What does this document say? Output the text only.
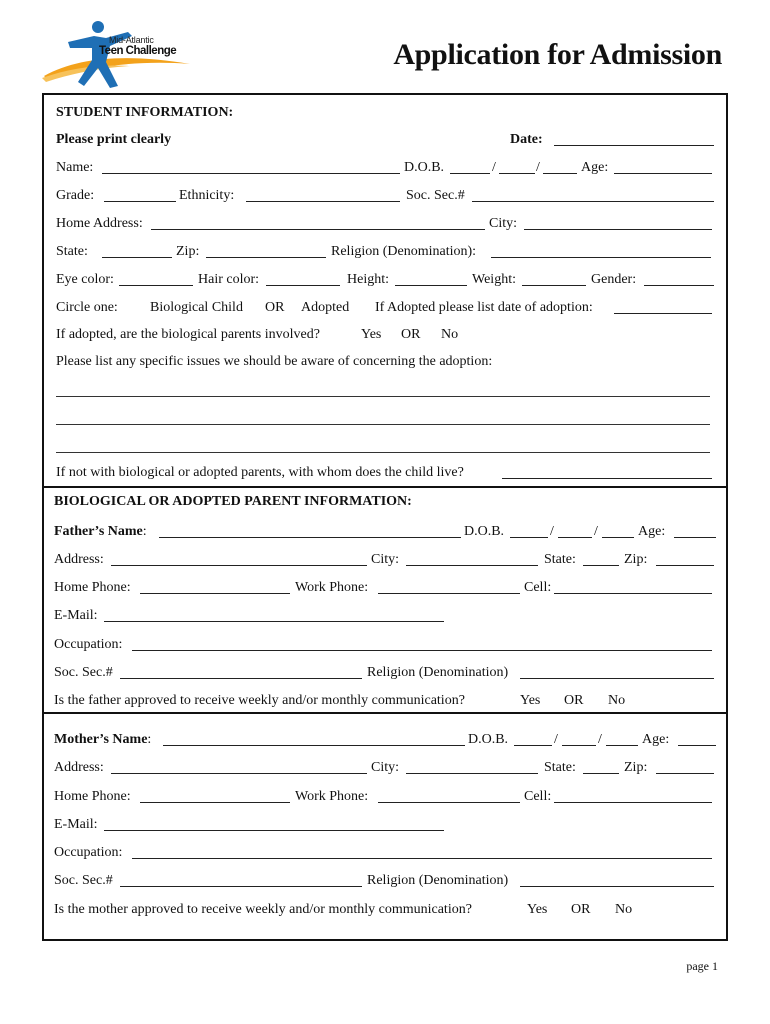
Mid-Atlantic
Teen Challenge	Application for Admission
STUDENT INFORMATION:
Please print clearly	Date:
Name:	D.O.B.	/	/	Age:
Grade:	Ethnicity:	Soc. Sec.#
Home Address:	City:
State:	Zip:	Religion (Denomination):
Eye color:	Hair color:	Height:	Weight:	Gender:
Circle one: Biological Child OR Adopted If Adopted please list date of adoption:
If adopted, are the biological parents involved?	Yes OR No
Please list any specific issues we should be aware of concerning the adoption:
If not with biological or adopted parents, with whom does the child live?
BIOLOGICAL OR ADOPTED PARENT INFORMATION:
Father’s Name:	D.O.B.	/	/	Age:
Address:	City:	State:	Zip:
Home Phone:	Work Phone:	Cell:
E-Mail:
Occupation:
Soc. Sec.#	Religion (Denomination)
Is the father approved to receive weekly and/or monthly communication?	Yes OR No
Mother’s Name:	D.O.B.	/	/	Age:
Address:	City:	State:	Zip:
Home Phone:	Work Phone:	Cell:
E-Mail:
Occupation:
Soc. Sec.#	Religion (Denomination)
Is the mother approved to receive weekly and/or monthly communication?	Yes OR No
page 1
